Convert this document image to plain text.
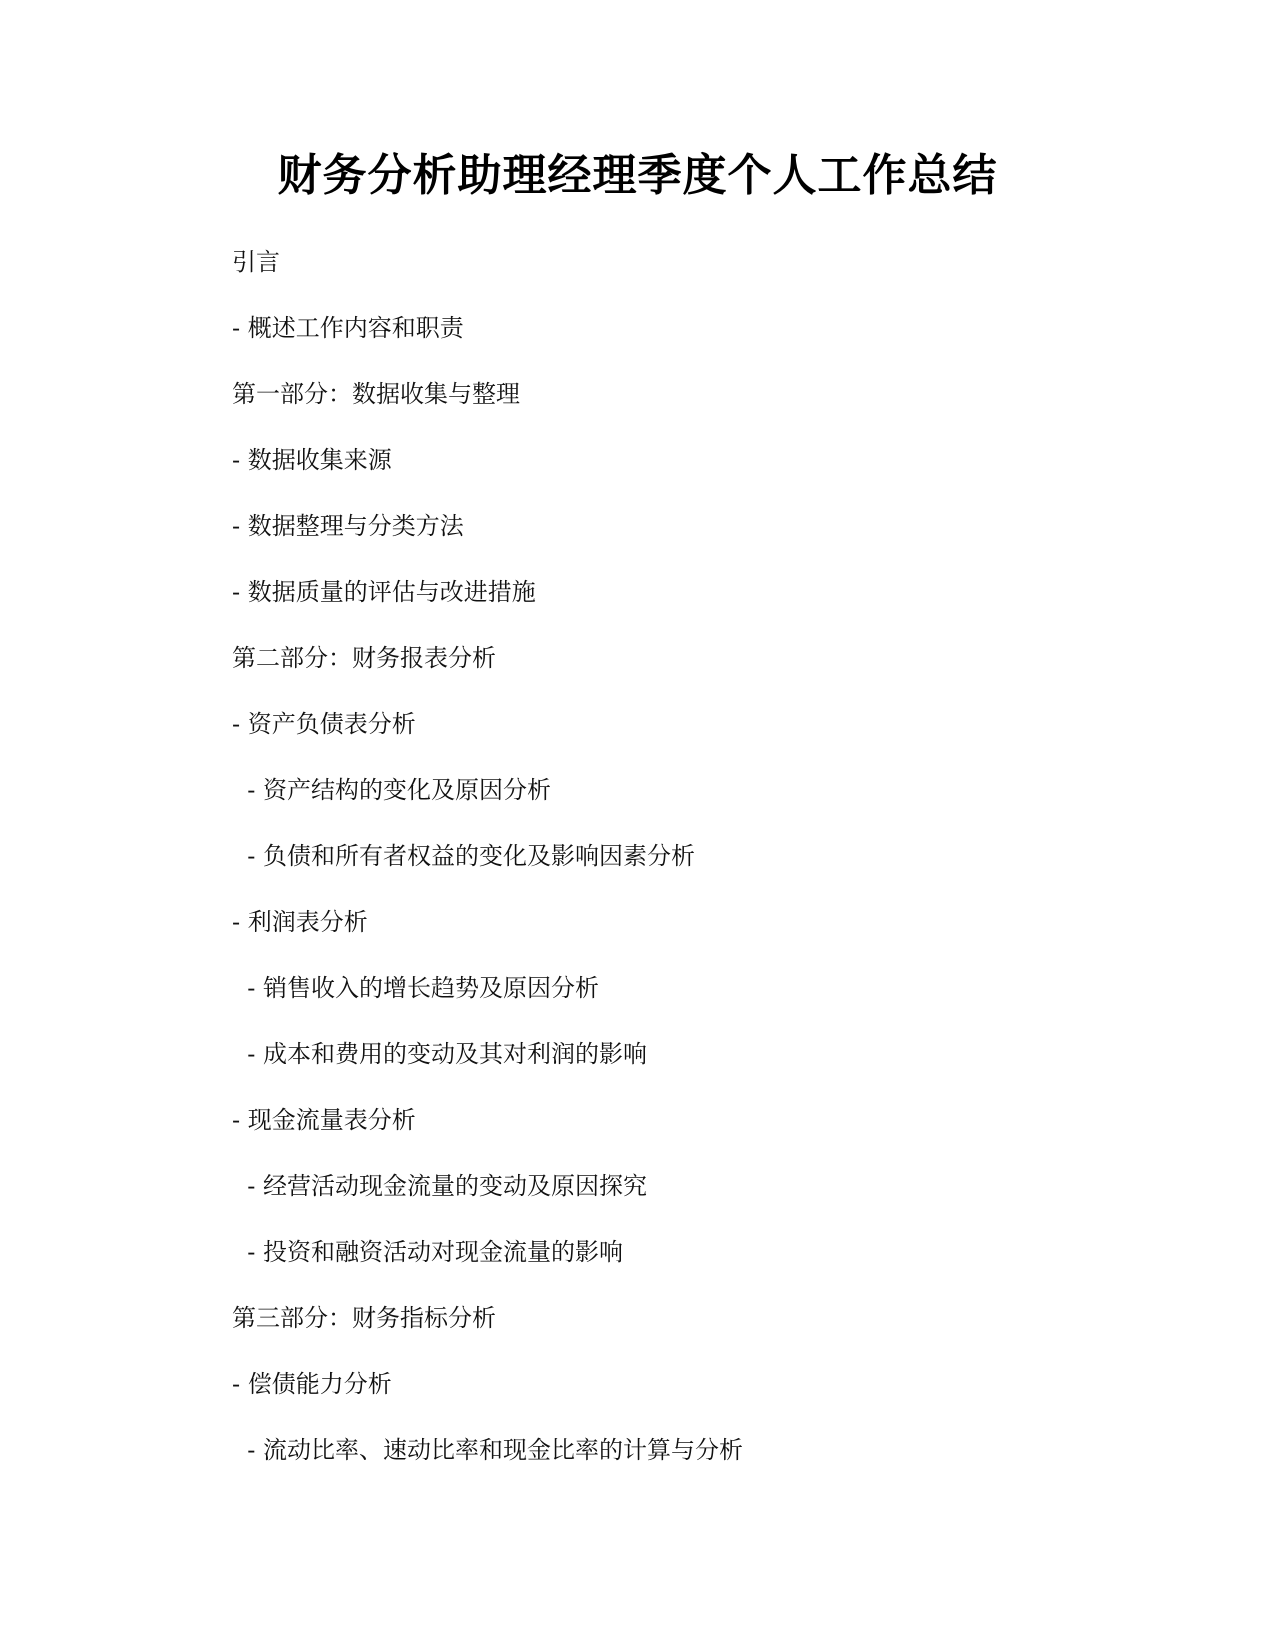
财务分析助理经理季度个人工作总结
引言
- 概述工作内容和职责
第一部分：数据收集与整理
- 数据收集来源
- 数据整理与分类方法
- 数据质量的评估与改进措施
第二部分：财务报表分析
- 资产负债表分析
- 资产结构的变化及原因分析
- 负债和所有者权益的变化及影响因素分析
- 利润表分析
- 销售收入的增长趋势及原因分析
- 成本和费用的变动及其对利润的影响
- 现金流量表分析
- 经营活动现金流量的变动及原因探究
- 投资和融资活动对现金流量的影响
第三部分：财务指标分析
- 偿债能力分析
- 流动比率、速动比率和现金比率的计算与分析
